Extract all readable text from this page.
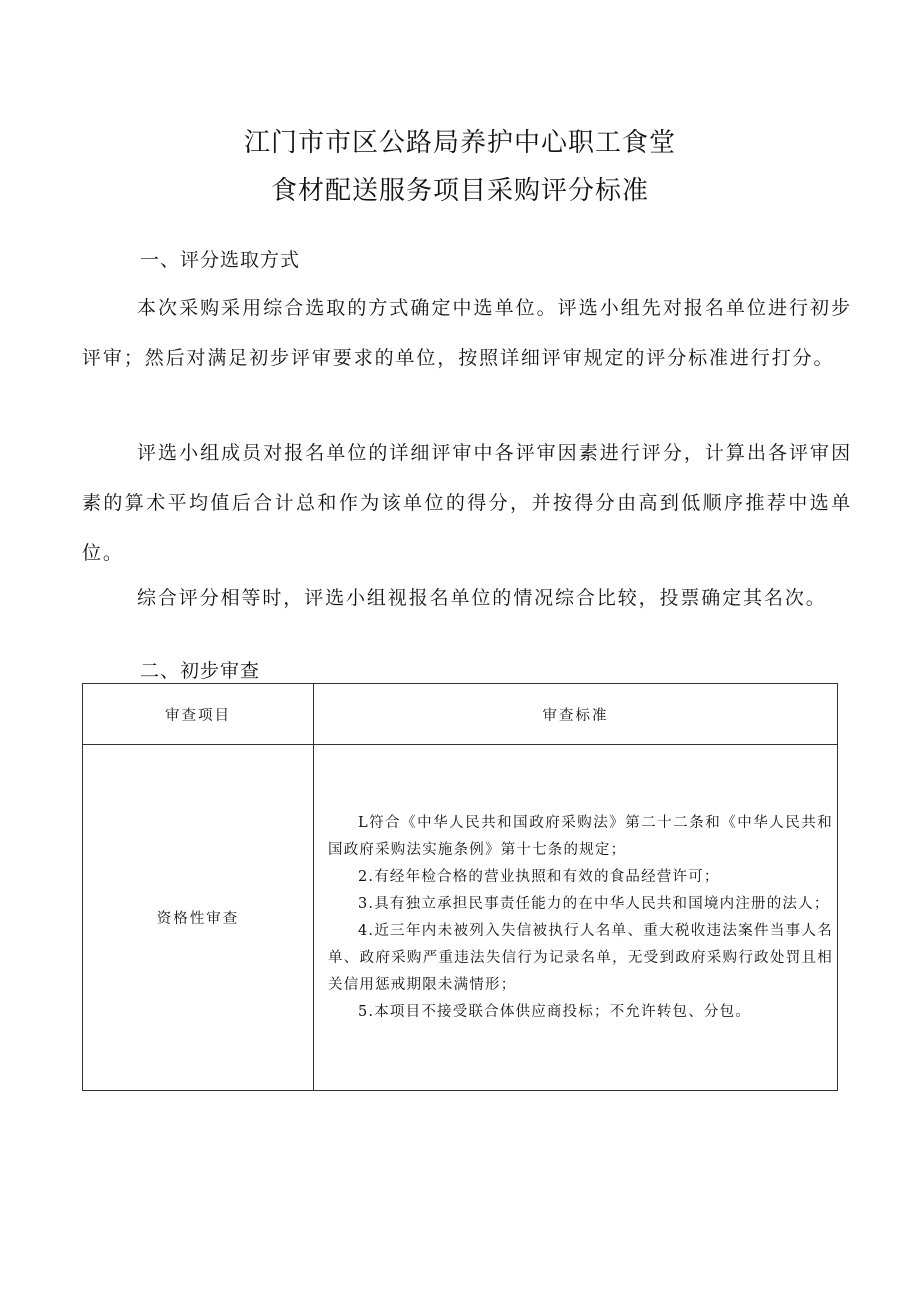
江门市市区公路局养护中心职工食堂
食材配送服务项目采购评分标准
一、评分选取方式

本次采购采用综合选取的方式确定中选单位。评选小组先对报名单位进行初步评审；然后对满足初步评审要求的单位，按照详细评审规定的评分标准进行打分。

评选小组成员对报名单位的详细评审中各评审因素进行评分，计算出各评审因素的算术平均值后合计总和作为该单位的得分，并按得分由高到低顺序推荐中选单位。

综合评分相等时，评选小组视报名单位的情况综合比较，投票确定其名次。

二、初步审查
审查项目	审查标准
资格性审查	L符合《中华人民共和国政府采购法》第二十二条和《中华人民共和国政府采购法实施条例》第十七条的规定；

2.有经年检合格的营业执照和有效的食品经营许可；

3.具有独立承担民事责任能力的在中华人民共和国境内注册的法人；

4.近三年内未被列入失信被执行人名单、重大税收违法案件当事人名单、政府采购严重违法失信行为记录名单，无受到政府采购行政处罚且相关信用惩戒期限未满情形；

5.本项目不接受联合体供应商投标；不允许转包、分包。
